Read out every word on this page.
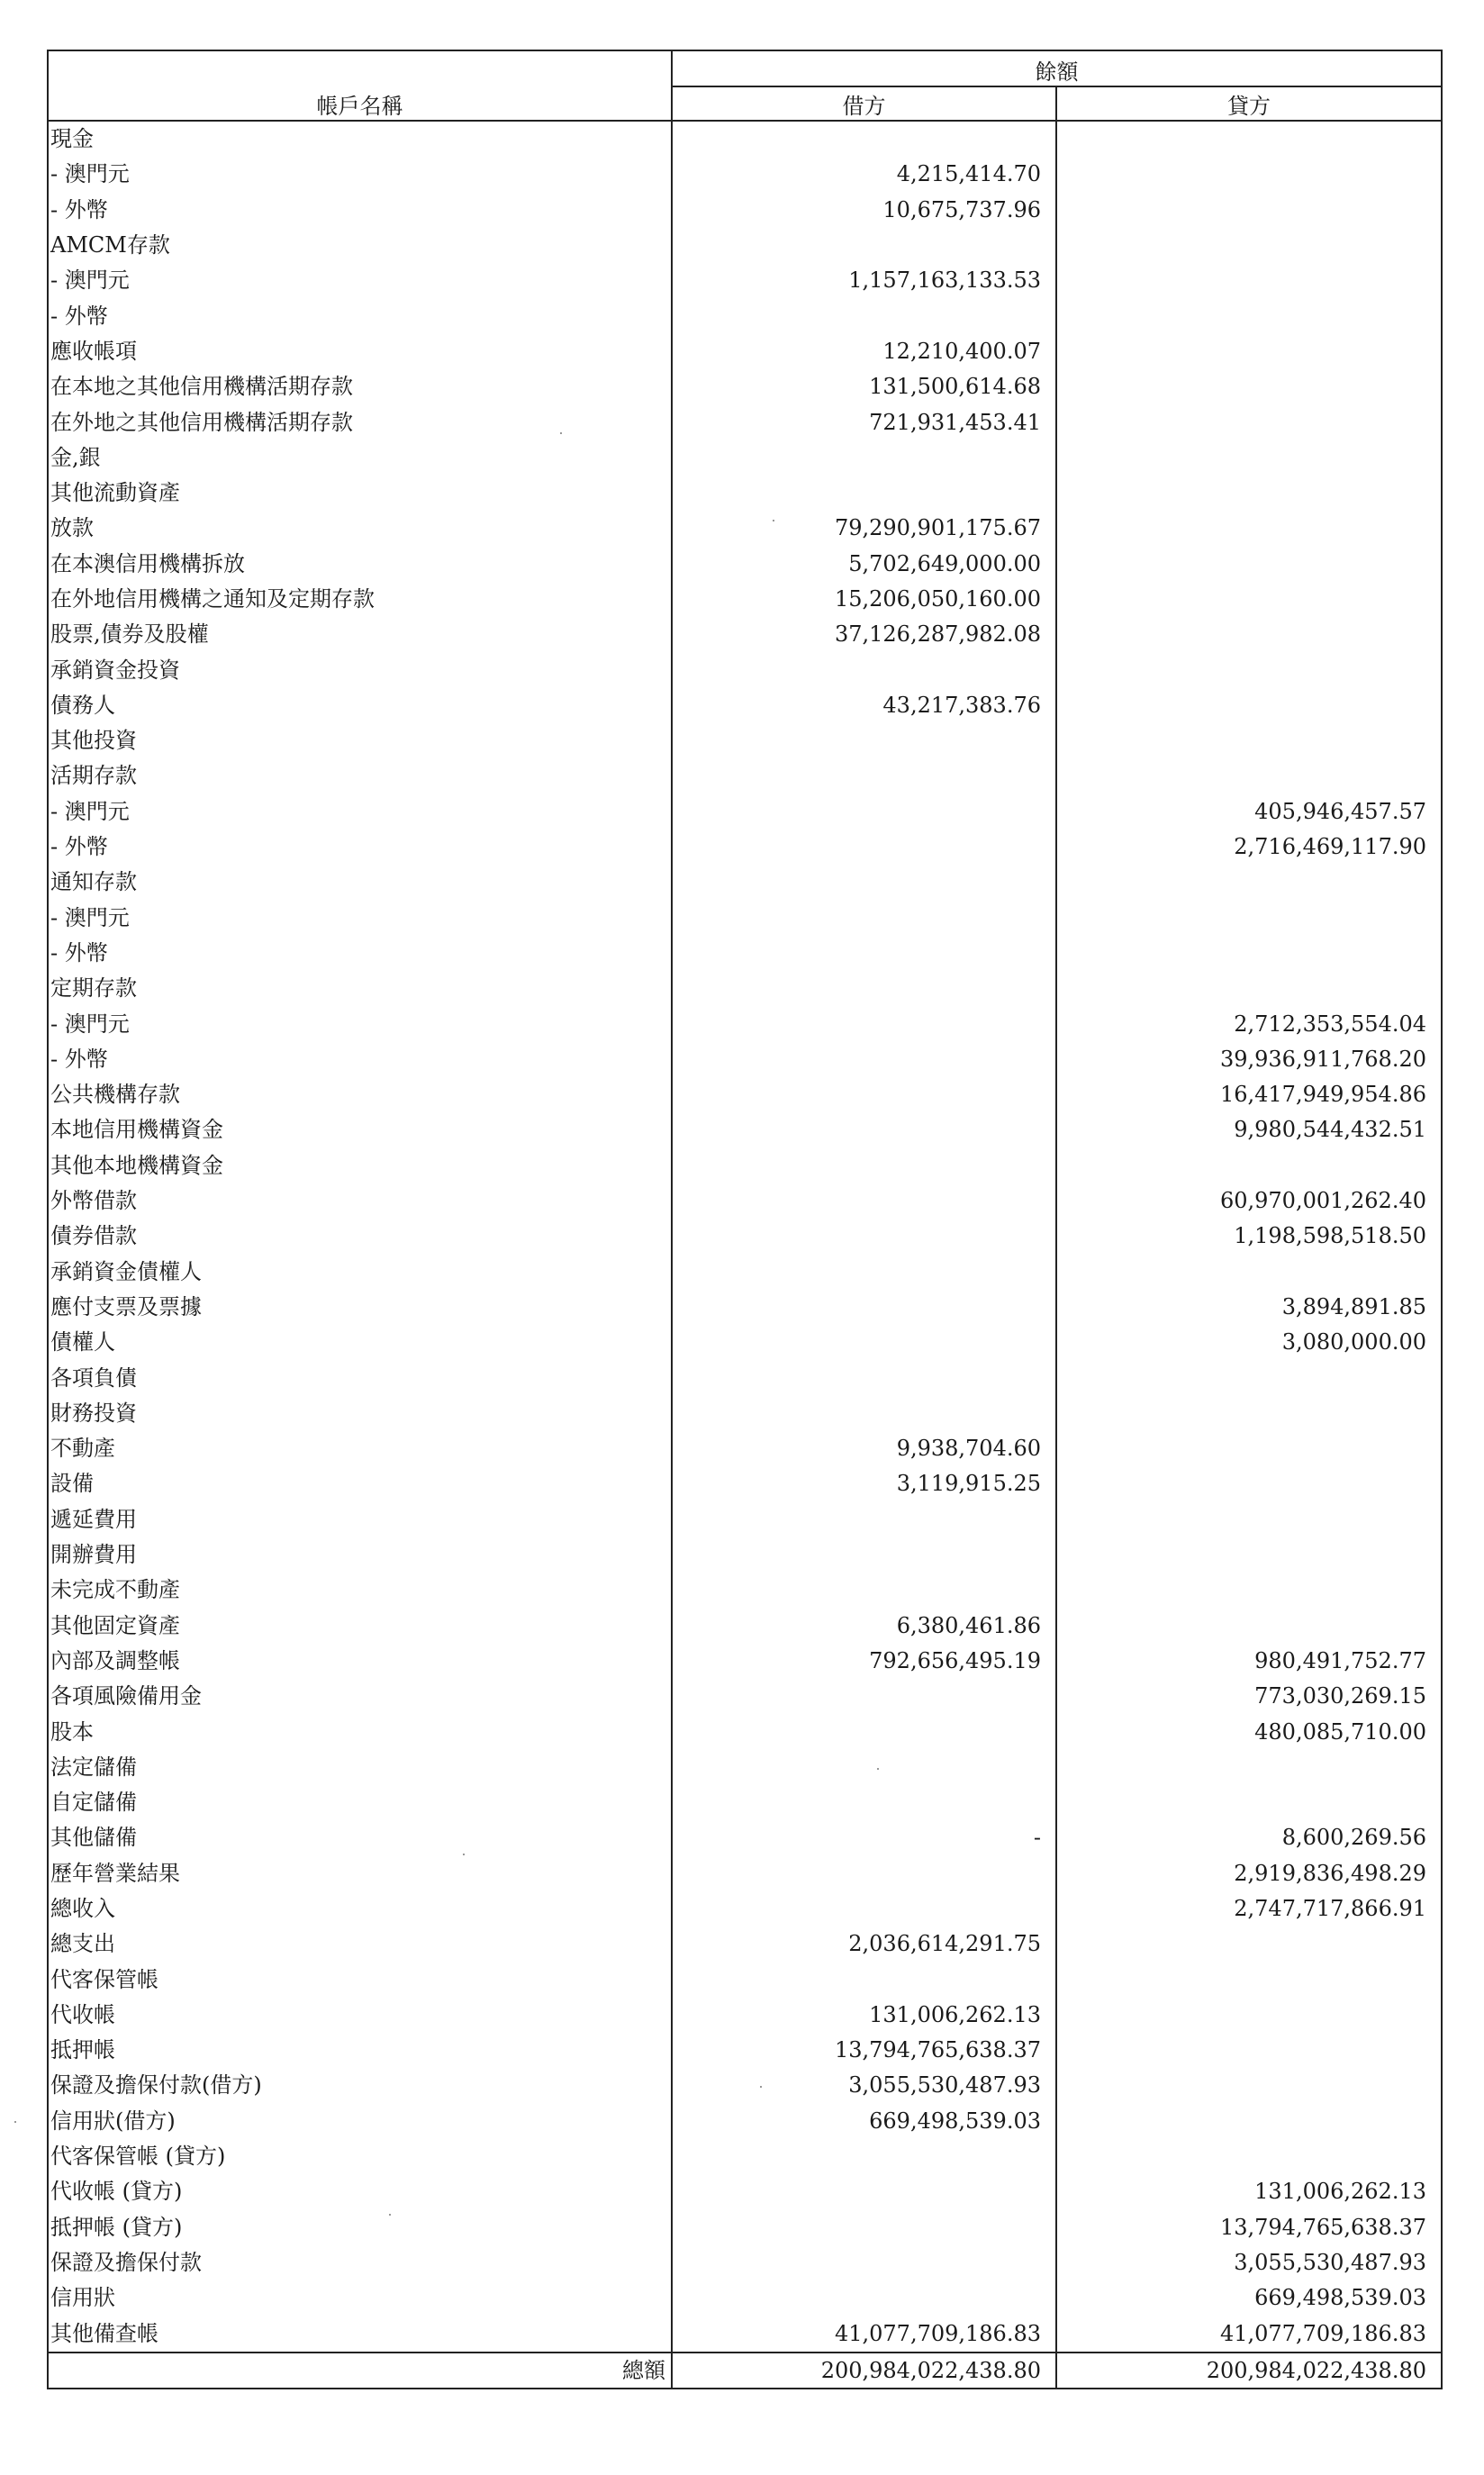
	餘額	
帳戶名稱	借方	貸方
現金		
- 澳門元	4,215,414.70	
- 外幣	10,675,737.96	
AMCM存款		
- 澳門元	1,157,163,133.53	
- 外幣		
應收帳項	12,210,400.07	
在本地之其他信用機構活期存款	131,500,614.68	
在外地之其他信用機構活期存款	721,931,453.41	
金,銀		
其他流動資產		
放款	79,290,901,175.67	
在本澳信用機構拆放	5,702,649,000.00	
在外地信用機構之通知及定期存款	15,206,050,160.00	
股票,債券及股權	37,126,287,982.08	
承銷資金投資		
債務人	43,217,383.76	
其他投資		
活期存款		
- 澳門元		405,946,457.57
- 外幣		2,716,469,117.90
通知存款		
- 澳門元		
- 外幣		
定期存款		
- 澳門元		2,712,353,554.04
- 外幣		39,936,911,768.20
公共機構存款		16,417,949,954.86
本地信用機構資金		9,980,544,432.51
其他本地機構資金		
外幣借款		60,970,001,262.40
債券借款		1,198,598,518.50
承銷資金債權人		
應付支票及票據		3,894,891.85
債權人		3,080,000.00
各項負債		
財務投資		
不動產	9,938,704.60	
設備	3,119,915.25	
遞延費用		
開辦費用		
未完成不動產		
其他固定資產	6,380,461.86	
內部及調整帳	792,656,495.19	980,491,752.77
各項風險備用金		773,030,269.15
股本		480,085,710.00
法定儲備		
自定儲備		
其他儲備	-	8,600,269.56
歷年營業結果		2,919,836,498.29
總收入		2,747,717,866.91
總支出	2,036,614,291.75	
代客保管帳		
代收帳	131,006,262.13	
抵押帳	13,794,765,638.37	
保證及擔保付款(借方)	3,055,530,487.93	
信用狀(借方)	669,498,539.03	
代客保管帳 (貸方)		
代收帳 (貸方)		131,006,262.13
抵押帳 (貸方)		13,794,765,638.37
保證及擔保付款		3,055,530,487.93
信用狀		669,498,539.03
其他備查帳	41,077,709,186.83	41,077,709,186.83
總額	200,984,022,438.80	200,984,022,438.80
